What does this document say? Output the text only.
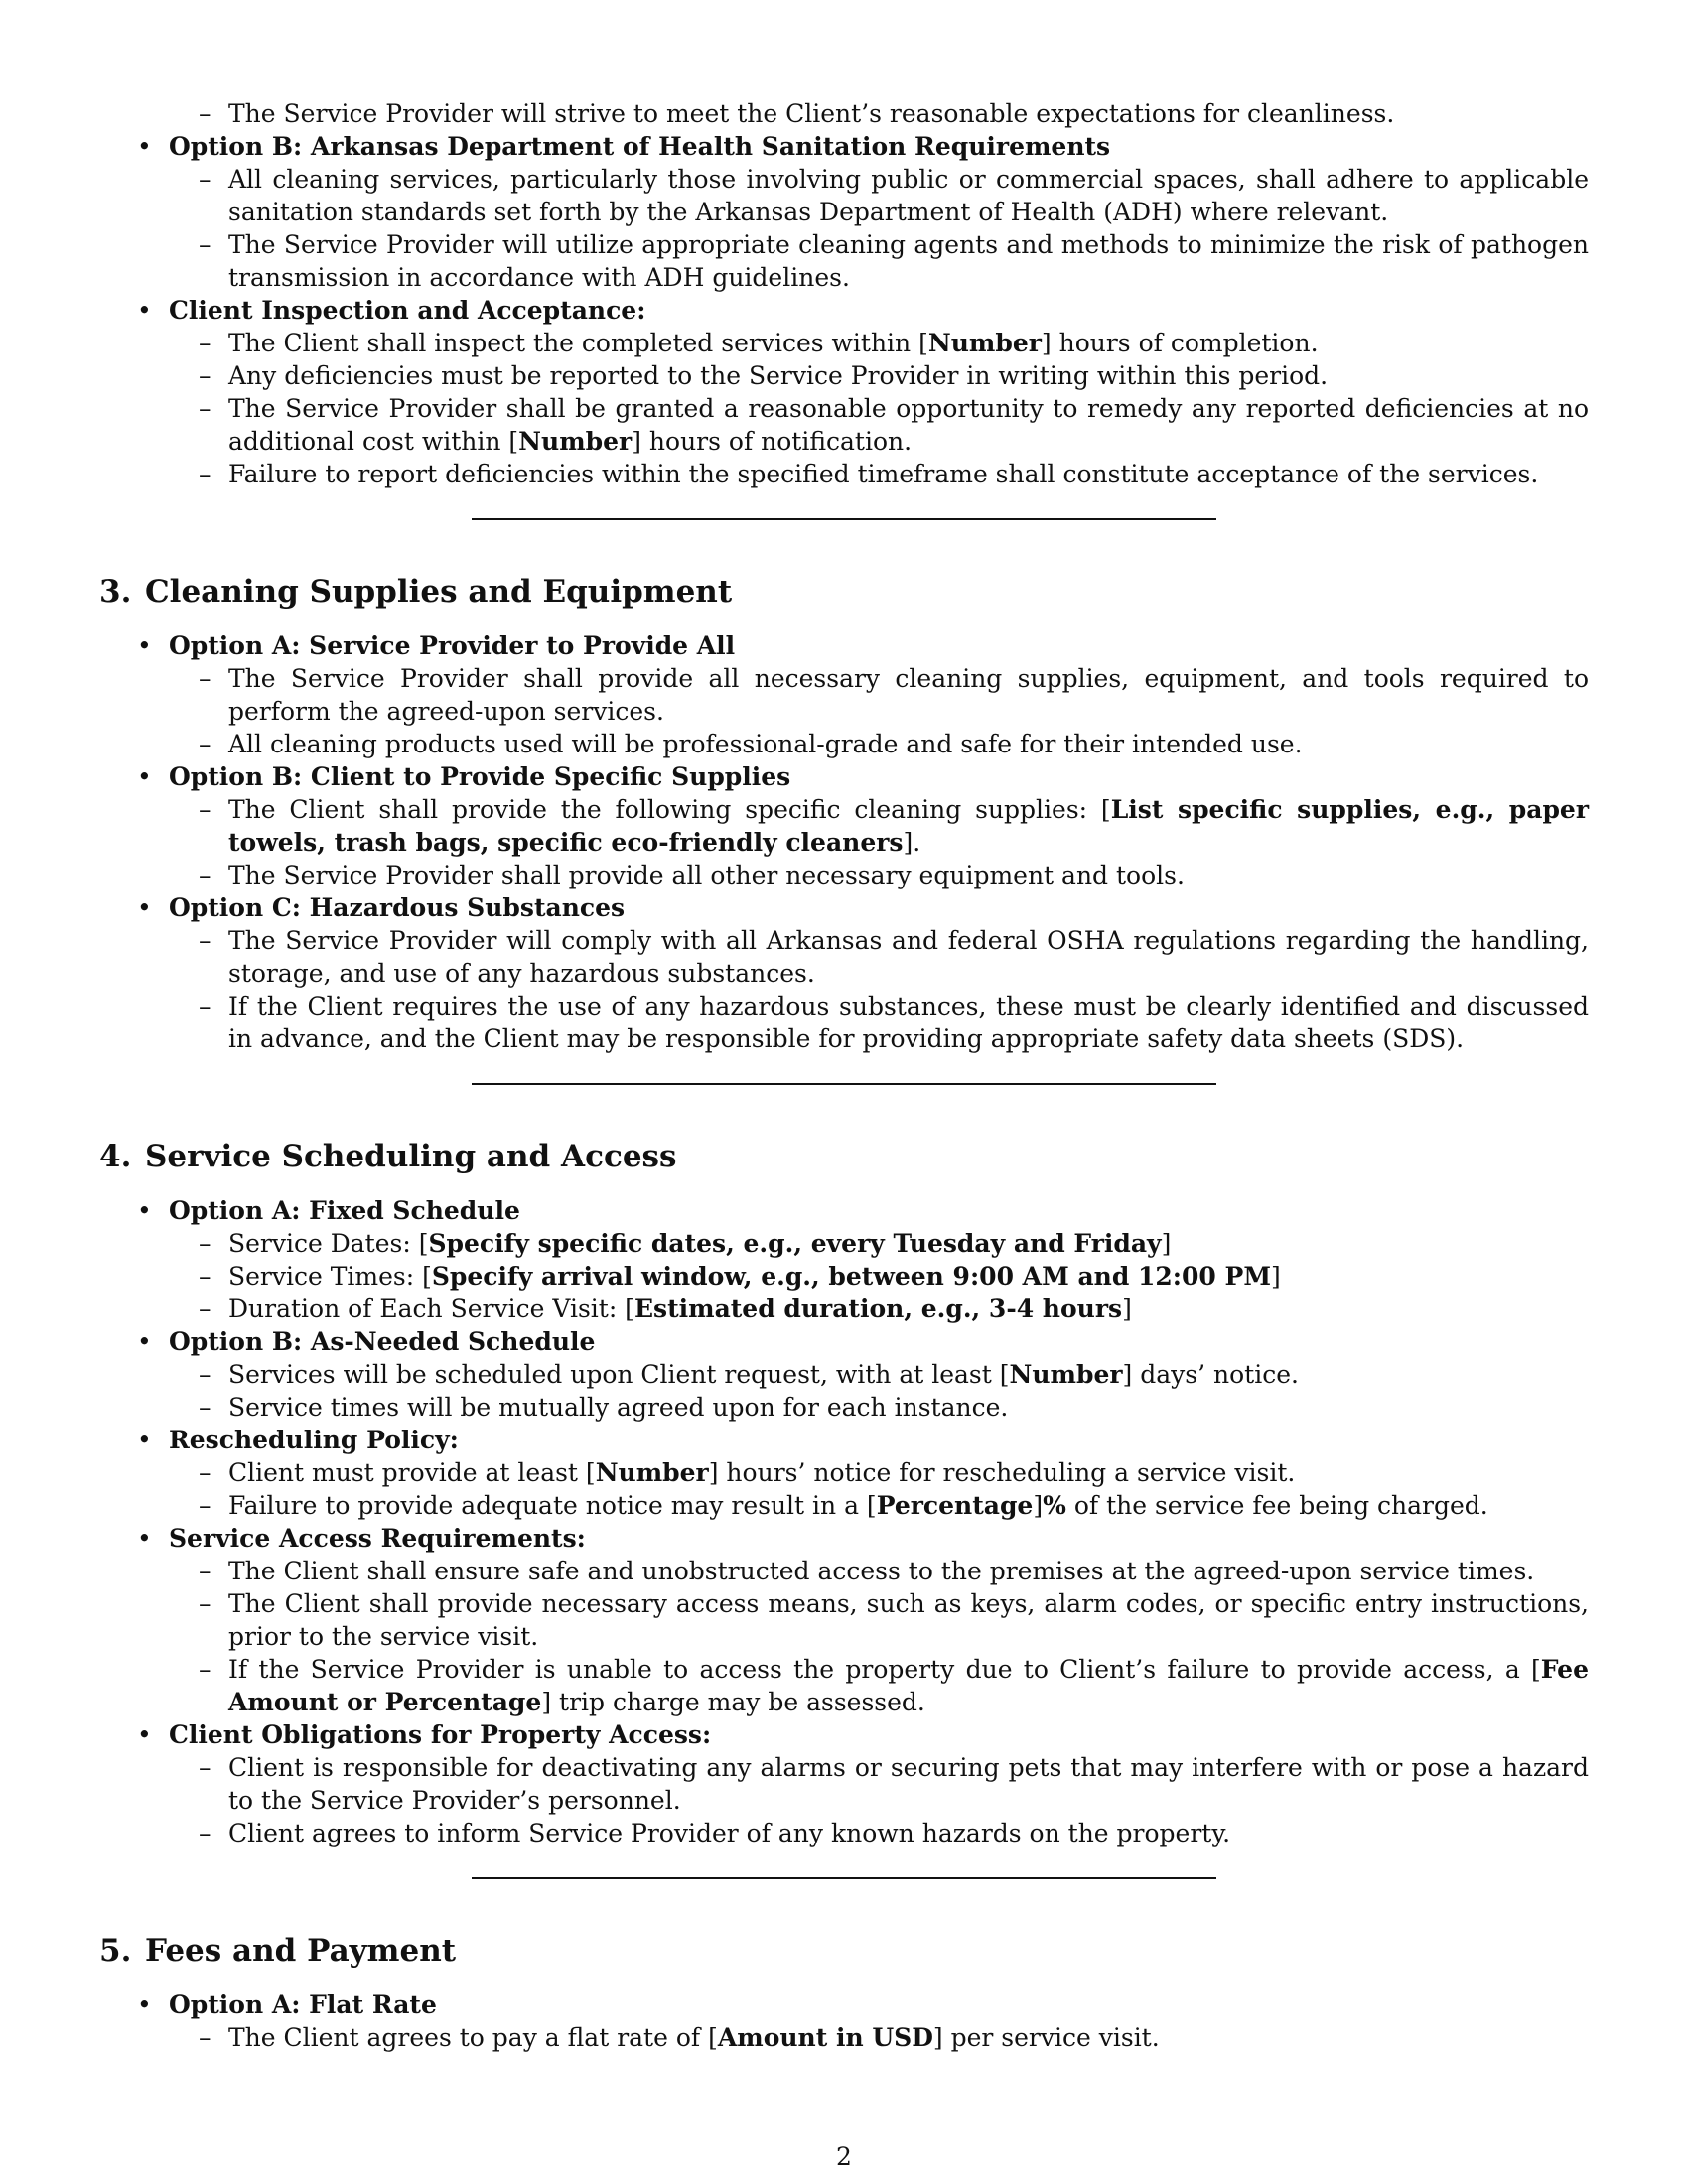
– The Service Provider will strive to meet the Client’s reasonable expectations for cleanliness.
• Option B: Arkansas Department of Health Sanitation Requirements
– All cleaning services, particularly those involving public or commercial spaces, shall adhere to applicable sanitation standards set forth by the Arkansas Department of Health (ADH) where relevant.
– The Service Provider will utilize appropriate cleaning agents and methods to minimize the risk of pathogen transmission in accordance with ADH guidelines.
• Client Inspection and Acceptance:
– The Client shall inspect the completed services within [Number] hours of completion.
– Any deficiencies must be reported to the Service Provider in writing within this period.
– The Service Provider shall be granted a reasonable opportunity to remedy any reported deficiencies at no additional cost within [Number] hours of notification.
– Failure to report deficiencies within the specified timeframe shall constitute acceptance of the services.
3. Cleaning Supplies and Equipment
• Option A: Service Provider to Provide All
– The Service Provider shall provide all necessary cleaning supplies, equipment, and tools required to perform the agreed-upon services.
– All cleaning products used will be professional-grade and safe for their intended use.
• Option B: Client to Provide Specific Supplies
– The Client shall provide the following specific cleaning supplies: [List specific supplies, e.g., paper towels, trash bags, specific eco-friendly cleaners].
– The Service Provider shall provide all other necessary equipment and tools.
• Option C: Hazardous Substances
– The Service Provider will comply with all Arkansas and federal OSHA regulations regarding the handling, storage, and use of any hazardous substances.
– If the Client requires the use of any hazardous substances, these must be clearly identified and discussed in advance, and the Client may be responsible for providing appropriate safety data sheets (SDS).
4. Service Scheduling and Access
• Option A: Fixed Schedule
– Service Dates: [Specify specific dates, e.g., every Tuesday and Friday]
– Service Times: [Specify arrival window, e.g., between 9:00 AM and 12:00 PM]
– Duration of Each Service Visit: [Estimated duration, e.g., 3-4 hours]
• Option B: As-Needed Schedule
– Services will be scheduled upon Client request, with at least [Number] days’ notice.
– Service times will be mutually agreed upon for each instance.
• Rescheduling Policy:
– Client must provide at least [Number] hours’ notice for rescheduling a service visit.
– Failure to provide adequate notice may result in a [Percentage]% of the service fee being charged.
• Service Access Requirements:
– The Client shall ensure safe and unobstructed access to the premises at the agreed-upon service times.
– The Client shall provide necessary access means, such as keys, alarm codes, or specific entry instructions, prior to the service visit.
– If the Service Provider is unable to access the property due to Client’s failure to provide access, a [Fee Amount or Percentage] trip charge may be assessed.
• Client Obligations for Property Access:
– Client is responsible for deactivating any alarms or securing pets that may interfere with or pose a hazard to the Service Provider’s personnel.
– Client agrees to inform Service Provider of any known hazards on the property.
5. Fees and Payment
• Option A: Flat Rate
– The Client agrees to pay a flat rate of [Amount in USD] per service visit.
2
